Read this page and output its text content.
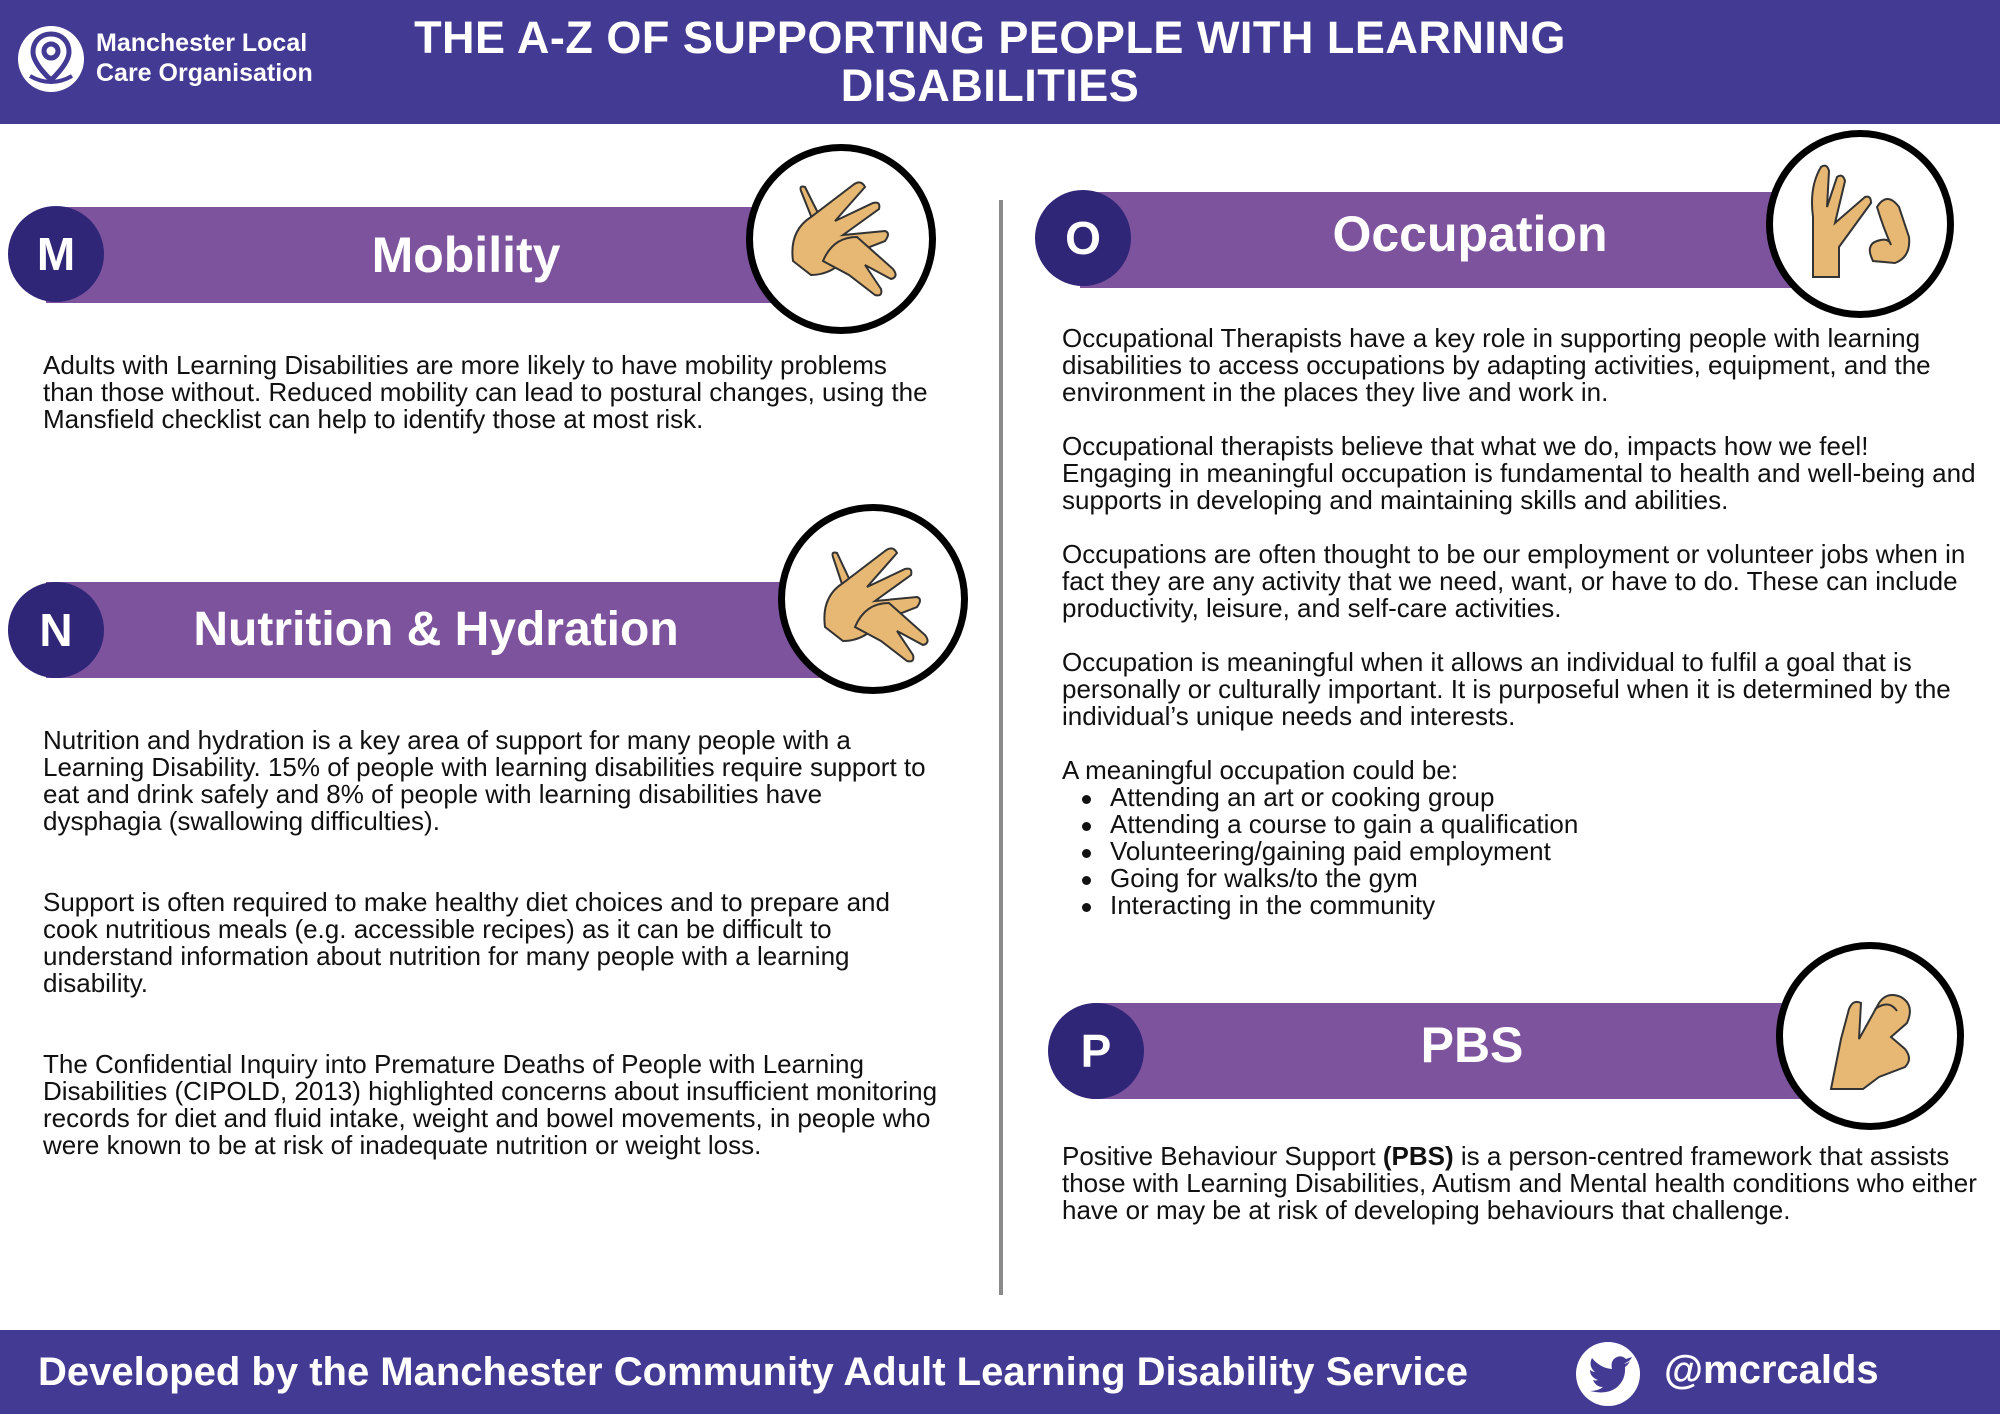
Manchester Local
Care Organisation
THE A-Z OF SUPPORTING PEOPLE WITH LEARNING
DISABILITIES
Mobility
M

Adults with Learning Disabilities are more likely to have mobility problems than those without. Reduced mobility can lead to postural changes, using the Mansfield checklist can help to identify those at most risk.

Nutrition & Hydration
N

Nutrition and hydration is a key area of support for many people with a Learning Disability. 15% of people with learning disabilities require support to eat and drink safely and 8% of people with learning disabilities have dysphagia (swallowing difficulties).

Support is often required to make healthy diet choices and to prepare and cook nutritious meals (e.g. accessible recipes) as it can be difficult to understand information about nutrition for many people with a learning disability.

The Confidential Inquiry into Premature Deaths of People with Learning Disabilities (CIPOLD, 2013) highlighted concerns about insufficient monitoring records for diet and fluid intake, weight and bowel movements, in people who were known to be at risk of inadequate nutrition or weight loss.

Occupation
O

Occupational Therapists have a key role in supporting people with learning disabilities to access occupations by adapting activities, equipment, and the environment in the places they live and work in.

Occupational therapists believe that what we do, impacts how we feel! Engaging in meaningful occupation is fundamental to health and well-being and supports in developing and maintaining skills and abilities.

Occupations are often thought to be our employment or volunteer jobs when in fact they are any activity that we need, want, or have to do. These can include productivity, leisure, and self-care activities.

Occupation is meaningful when it allows an individual to fulfil a goal that is personally or culturally important. It is purposeful when it is determined by the individual’s unique needs and interests.

A meaningful occupation could be:

Attending an art or cooking group
Attending a course to gain a qualification
Volunteering/gaining paid employment
Going for walks/to the gym
Interacting in the community
PBS
P

Positive Behaviour Support (PBS) is a person-centred framework that assists those with Learning Disabilities, Autism and Mental health conditions who either have or may be at risk of developing behaviours that challenge.

Developed by the Manchester Community Adult Learning Disability Service	@mcrcalds
